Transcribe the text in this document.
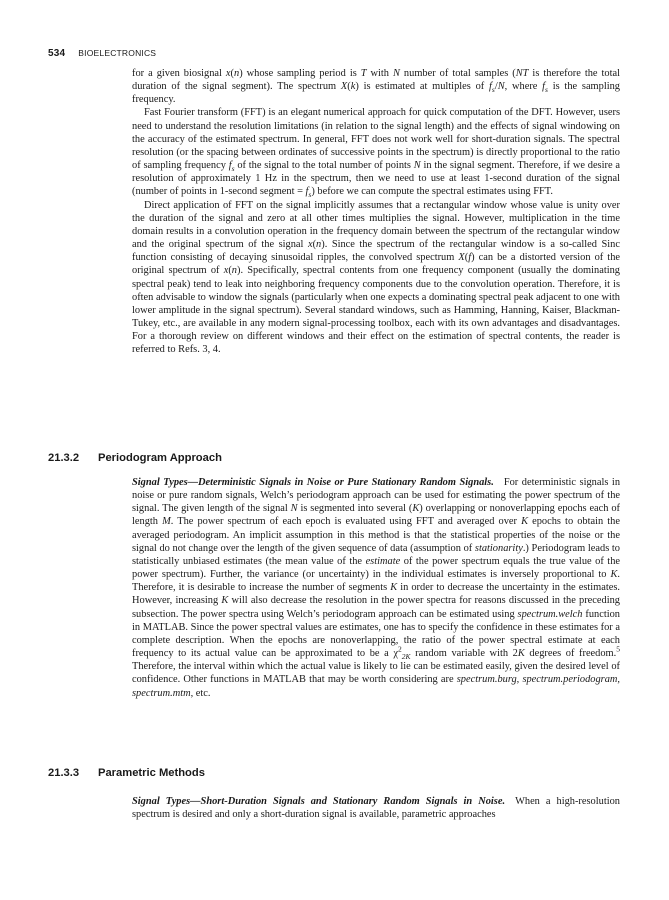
534 BIOELECTRONICS

for a given biosignal x(n) whose sampling period is T with N number of total samples (NT is therefore the total duration of the signal segment). The spectrum X(k) is estimated at multiples of $f_s/N$, where $f_s$ is the sampling frequency.

Fast Fourier transform (FFT) is an elegant numerical approach for quick computation of the DFT. However, users need to understand the resolution limitations (in relation to the signal length) and the effects of signal windowing on the accuracy of the estimated spectrum. In general, FFT does not work well for short-duration signals. The spectral resolution (or the spacing between ordinates of successive points in the spectrum) is directly proportional to the ratio of sampling frequency $f_s$ of the signal to the total number of points N in the signal segment. Therefore, if we desire a resolution of approximately 1 Hz in the spectrum, then we need to use at least 1-second duration of the signal (number of points in 1-second segment = $f_s$) before we can compute the spectral estimates using FFT.

Direct application of FFT on the signal implicitly assumes that a rectangular window whose value is unity over the duration of the signal and zero at all other times multiplies the signal. However, multiplication in the time domain results in a convolution operation in the frequency domain between the spectrum of the rectangular window and the original spectrum of the signal x(n). Since the spectrum of the rectangular window is a so-called Sinc function consisting of decaying sinusoidal ripples, the convolved spectrum X(f) can be a distorted version of the original spectrum of x(n). Specifically, spectral contents from one frequency component (usually the dominating spectral peak) tend to leak into neighboring frequency components due to the convolution operation. Therefore, it is often advisable to window the signals (particularly when one expects a dominating spectral peak adjacent to one with lower amplitude in the signal spectrum). Several standard windows, such as Hamming, Hanning, Kaiser, Blackman-Tukey, etc., are available in any modern signal-processing toolbox, each with its own advantages and disadvantages. For a thorough review on different windows and their effect on the estimation of spectral contents, the reader is referred to Refs. 3, 4.

21.3.2 Periodogram Approach

Signal Types—Deterministic Signals in Noise or Pure Stationary Random Signals. For deterministic signals in noise or pure random signals, Welch’s periodogram approach can be used for estimating the power spectrum of the signal. The given length of the signal N is segmented into several (K) overlapping or nonoverlapping epochs each of length M. The power spectrum of each epoch is evaluated using FFT and averaged over K epochs to obtain the averaged periodogram. An implicit assumption in this method is that the statistical properties of the noise or the signal do not change over the length of the given sequence of data (assumption of stationarity.) Periodogram leads to statistically unbiased estimates (the mean value of the estimate of the power spectrum equals the true value of the power spectrum). Further, the variance (or uncertainty) in the individual estimates is inversely proportional to K. Therefore, it is desirable to increase the number of segments K in order to decrease the uncertainty in the estimates. However, increasing K will also decrease the resolution in the power spectra for reasons discussed in the preceding subsection. The power spectra using Welch’s periodogram approach can be estimated using spectrum.welch function in MATLAB. Since the power spectral values are estimates, one has to specify the confidence in these estimates for a complete description. When the epochs are nonoverlapping, the ratio of the power spectral estimate at each frequency to its actual value can be approximated to be a $\chi^2_{2K}$ random variable with 2K degrees of freedom.$^5$ Therefore, the interval within which the actual value is likely to lie can be estimated easily, given the desired level of confidence. Other functions in MATLAB that may be worth considering are spectrum.burg, spectrum.periodogram, spectrum.mtm, etc.

21.3.3 Parametric Methods

Signal Types—Short-Duration Signals and Stationary Random Signals in Noise. When a high-resolution spectrum is desired and only a short-duration signal is available, parametric approaches
